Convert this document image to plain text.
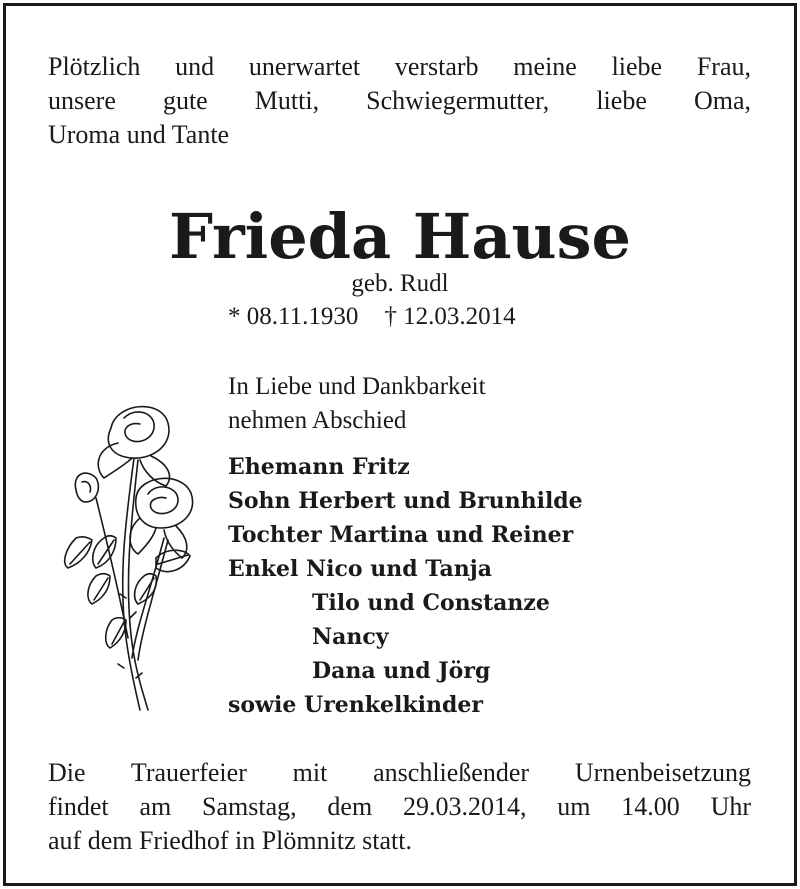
Plötzlich und unerwartet verstarb meine liebe Frau,
unsere gute Mutti, Schwiegermutter, liebe Oma,
Uroma und Tante
Frieda Hause
geb. Rudl
* 08.11.1930 † 12.03.2014
In Liebe und Dankbarkeit
nehmen Abschied
Ehemann Fritz
Sohn Herbert und Brunhilde
Tochter Martina und Reiner
Enkel Nico und Tanja
Tilo und Constanze
Nancy
Dana und Jörg
sowie Urenkelkinder
Die Trauerfeier mit anschließender Urnenbeisetzung
findet am Samstag, dem 29.03.2014, um 14.00 Uhr
auf dem Friedhof in Plömnitz statt.
